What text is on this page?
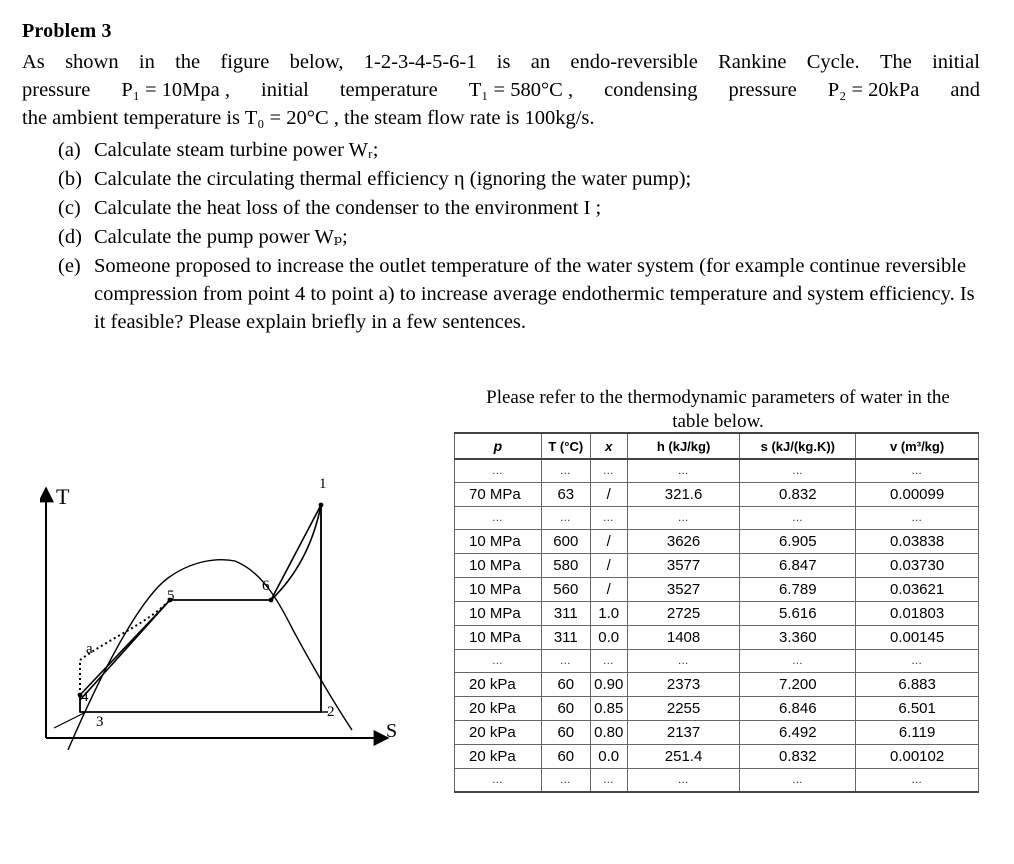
Problem 3
As shown in the figure below, 1-2-3-4-5-6-1 is an endo-reversible Rankine Cycle. The initial
pressure P₁ = 10Mpa , initial temperature T₁ = 580°C , condensing pressure P₂ = 20kPa and
the ambient temperature is T₀ = 20°C , the steam flow rate is 100kg/s.
(a) Calculate steam turbine power Wᵣ;
(b) Calculate the circulating thermal efficiency η (ignoring the water pump);
(c) Calculate the heat loss of the condenser to the environment I ;
(d) Calculate the pump power Wₚ;
(e) Someone proposed to increase the outlet temperature of the water system (for example continue reversible compression from point 4 to point a) to increase average endothermic temperature and system efficiency. Is it feasible? Please explain briefly in a few sentences.
Please refer to the thermodynamic parameters of water in the table below.
p	T (°C)	x	h (kJ/kg)	s (kJ/(kg.K))	v (m³/kg)
…	…	…	…	…	…
70 MPa	63	/	321.6	0.832	0.00099
…	…	…	…	…	…
10 MPa	600	/	3626	6.905	0.03838
10 MPa	580	/	3577	6.847	0.03730
10 MPa	560	/	3527	6.789	0.03621
10 MPa	311	1.0	2725	5.616	0.01803
10 MPa	311	0.0	1408	3.360	0.00145
…	…	…	…	…	…
20 kPa	60	0.90	2373	7.200	6.883
20 kPa	60	0.85	2255	6.846	6.501
20 kPa	60	0.80	2137	6.492	6.119
20 kPa	60	0.0	251.4	0.832	0.00102
…	…	…	…	…	…
T
S
1
2
3
4
5
6
a
